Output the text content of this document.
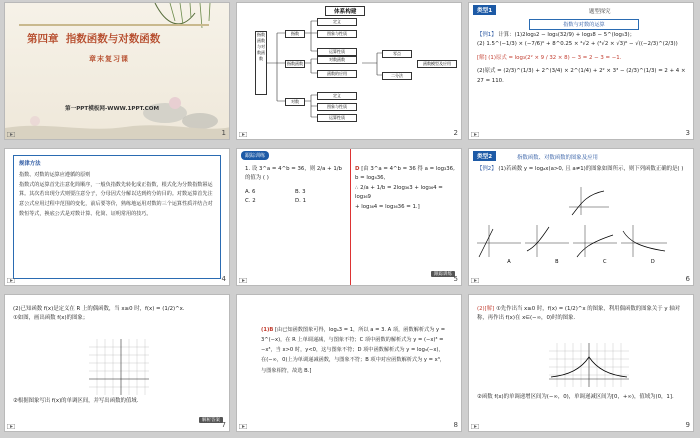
第四章 指数函数与对数函数
章末复习课
第一PPT模板网-WWW.1PPT.COM
1
体系构建
指数函数与对数函数
指数
指数函数
对数
定义
图象与性质
运算性质
对数函数
函数的应用
定义
图象与性质
运算性质
零点
二分法
函数模型及应用
2
类型1	题型探究
指数与对数的运算
【例1】 计算：(1)2log₃2 − log₃(32/9) + log₃8 − 5^(log₅3)；
(2) 1.5^(−1/3) × (−7/6)⁰ + 8^0.25 × ⁴√2 + (³√2 × √3)⁶ − √((−2/3)^(2/3))
[解] (1)原式 = log₃(2² × 9 / 32 × 8) − 3 = 2 − 3 = −1.
(2)原式 = (2/3)^(1/3) + 2^(3/4) × 2^(1/4) + 2² × 3³ − (2/3)^(1/3) = 2 + 4 × 27 = 110.
3
规律方法
指数、对数的运算应遵循的原则
指数式的运算首先注意化简顺序，一般负指数先转化成正指数，根式化为分数指数幂运算。其次若出现分式则要注意分子，分母因式分解以达到约分的目的。对数运算首先注意公式应用过程中范围的变化，前后要等价，熟练地运用对数的三个运算性质并结合对数恒等式，换底公式是对数计算、化简、证明常用的技巧。
4
跟踪训练
1. 设 3^a = 4^b = 36，则 2/a + 1/b 的值为 ( )
A. 6	B. 3
C. 2	D. 1
D [由 3^a = 4^b = 36 得 a = log₃36,
b = log₄36,
∴ 2/a + 1/b = 2log₃₆3 + log₃₆4 = log₃₆9
+ log₃₆4 = log₃₆36 = 1.]
跟踪训练
5
类型2	指数函数、对数函数的图象及应用
【例2】 (1)若函数 y = logₐx(a>0, 且 a≠1)的图象如图所示，则下列函数正确的是( )
A	B	C	D
6
(2)已知函数 f(x)是定义在 R 上的偶函数，当 x≥0 时，f(x) = (1/2)^x.
①如图，画出函数 f(x)的图象；
②根据图象写出 f(x)的单调区间，并写出函数的值域.
解析答案
7
(1)B [由已知函数图象可得，logₐ3 = 1，所以 a = 3. A 项，函数解析式为 y = 3^(−x)，在 R 上单调递减，与图象不符；C 项中函数的解析式为 y = (−x)³ = −x³，当 x>0 时，y<0，这与图象不符；D 项中函数解析式为 y = log₃(−x)，在(−∞，0)上为单调递减函数，与图象不符；B 项中对应函数解析式为 y = x³，与图象相符，故选 B.]
8
(2)[解] ①先作出当 x≥0 时，f(x) = (1/2)^x 的图象，利用偶函数的图象关于 y 轴对称，再作出 f(x)在 x∈(−∞，0)时的图象.
②函数 f(x)的单调递增区间为(−∞，0)，单调递减区间为[0，+∞)，值域为(0，1].
9
